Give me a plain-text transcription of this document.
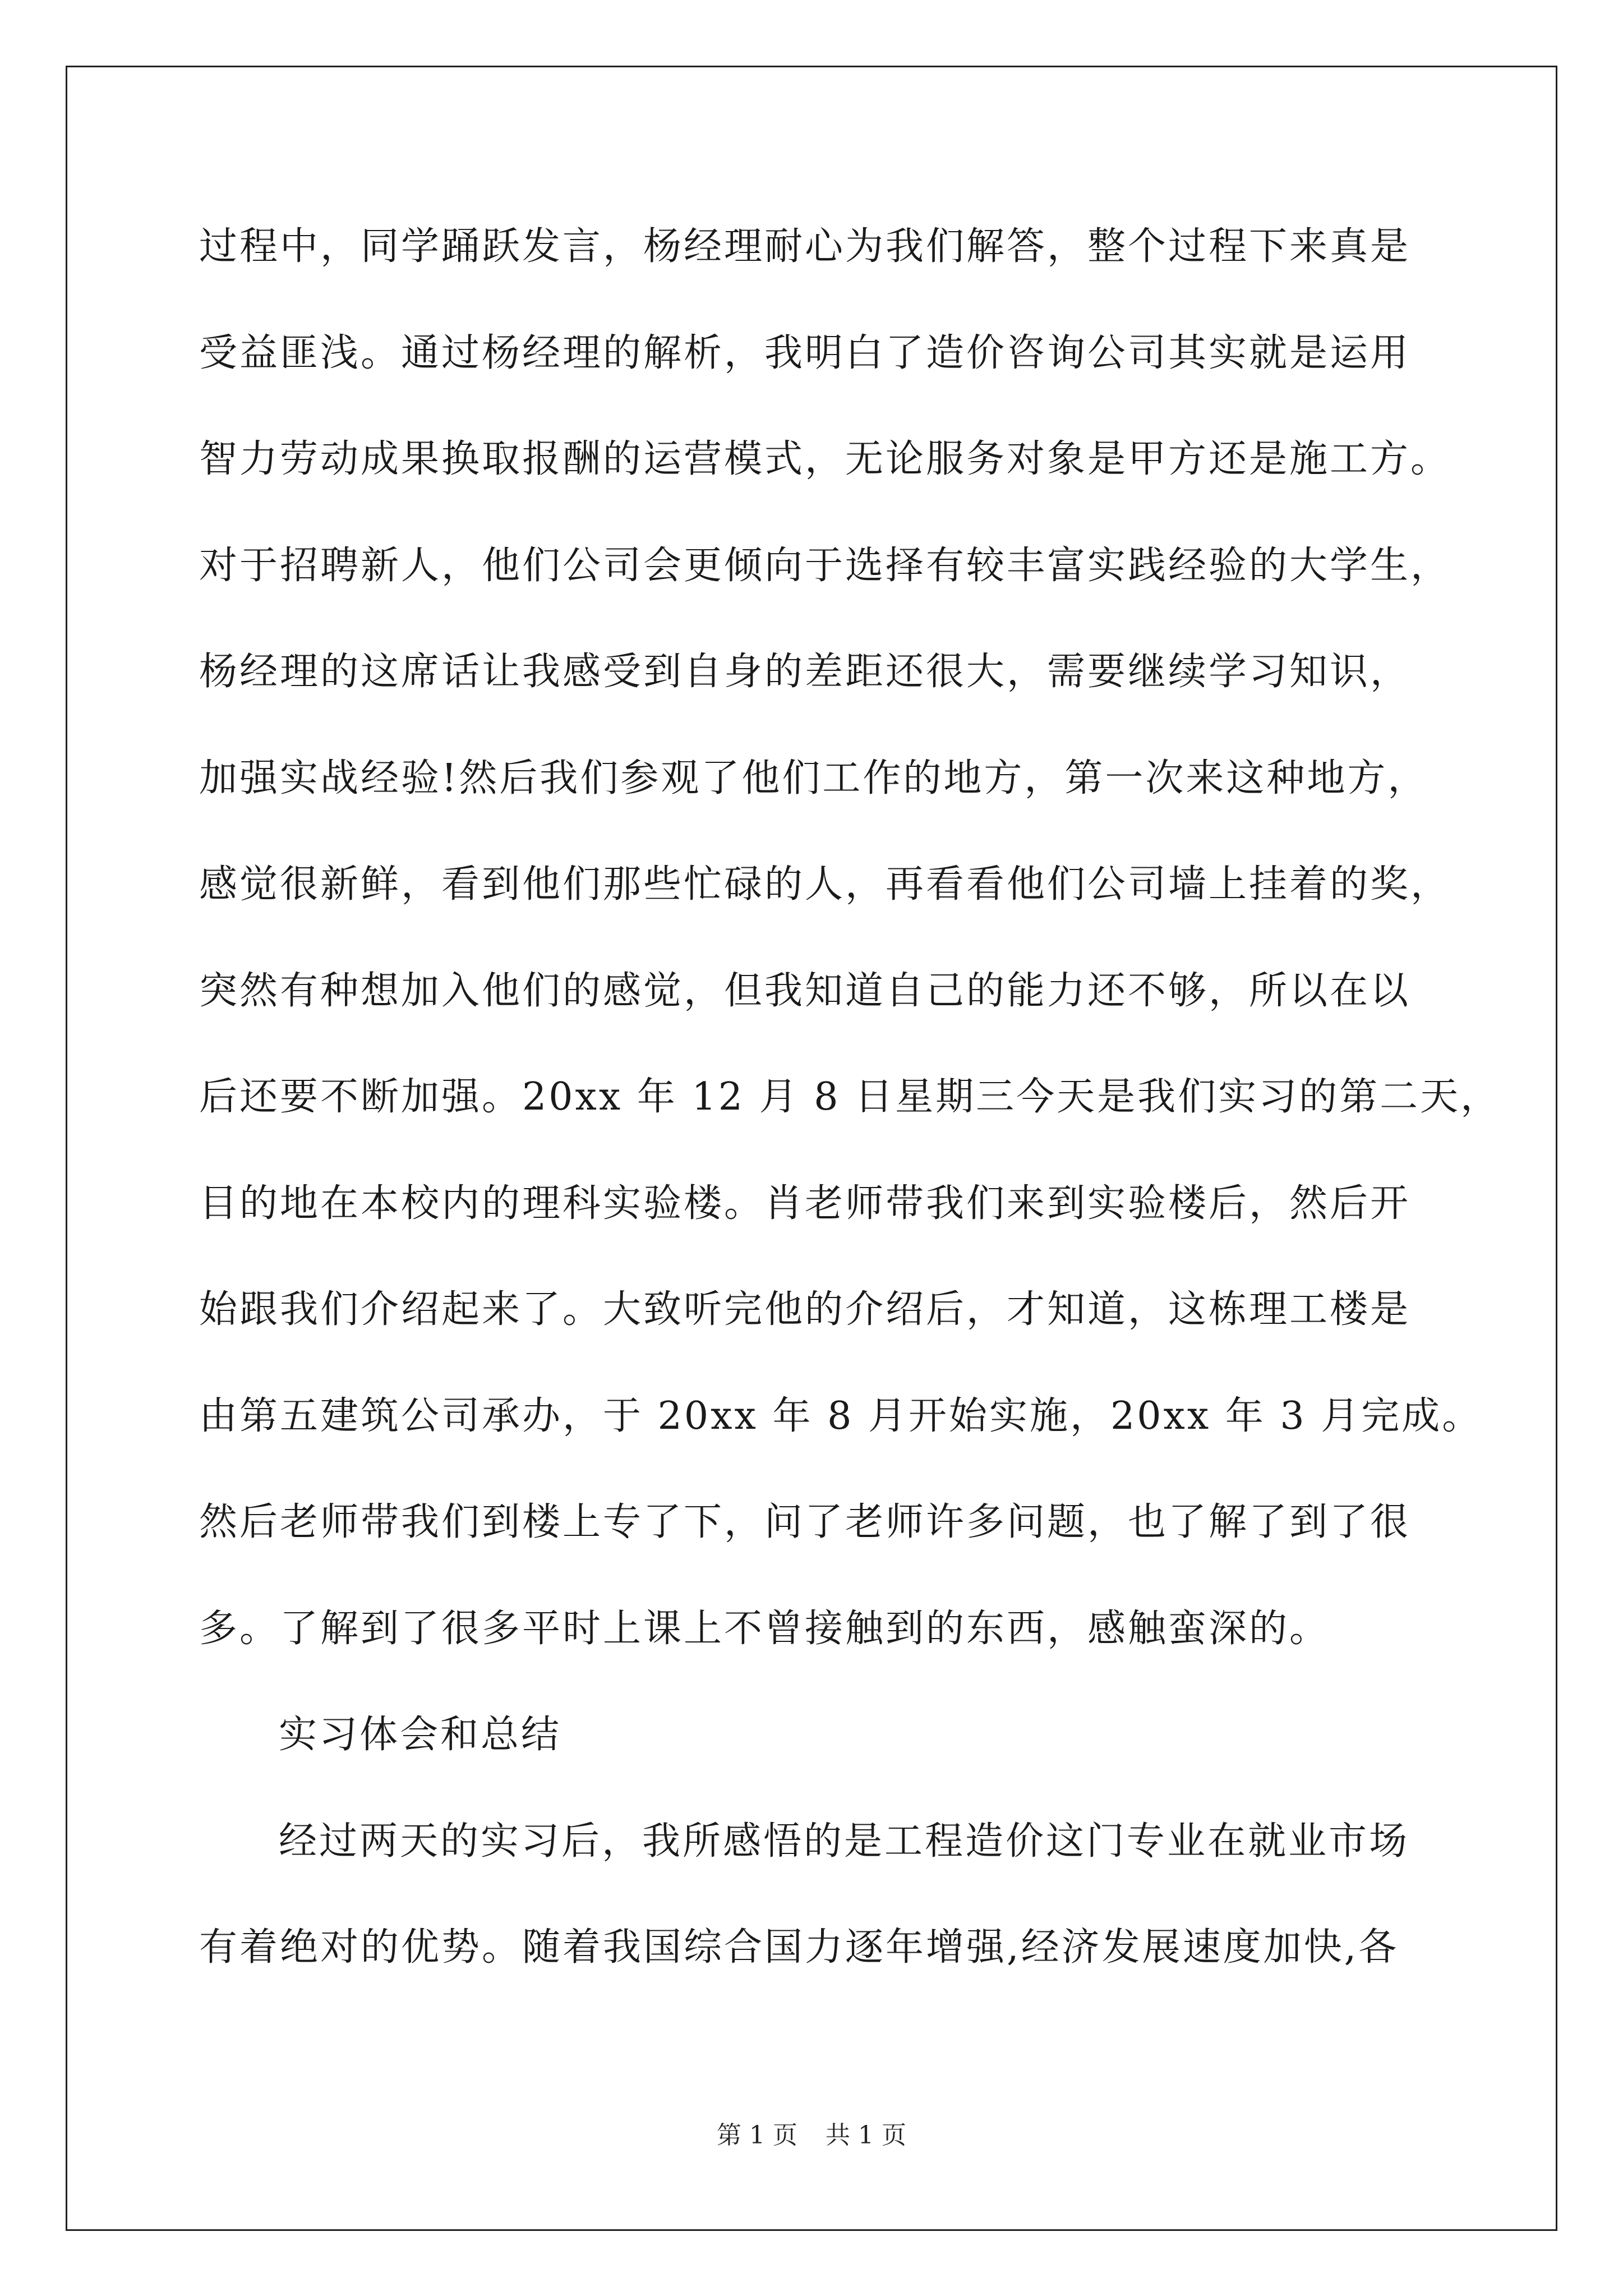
过程中，同学踊跃发言，杨经理耐心为我们解答，整个过程下来真是
受益匪浅。通过杨经理的解析，我明白了造价咨询公司其实就是运用
智力劳动成果换取报酬的运营模式，无论服务对象是甲方还是施工方。
对于招聘新人，他们公司会更倾向于选择有较丰富实践经验的大学生，
杨经理的这席话让我感受到自身的差距还很大，需要继续学习知识，
加强实战经验!然后我们参观了他们工作的地方，第一次来这种地方，
感觉很新鲜，看到他们那些忙碌的人，再看看他们公司墙上挂着的奖，
突然有种想加入他们的感觉，但我知道自己的能力还不够，所以在以
后还要不断加强。20xx 年 12 月 8 日星期三今天是我们实习的第二天，
目的地在本校内的理科实验楼。肖老师带我们来到实验楼后，然后开
始跟我们介绍起来了。大致听完他的介绍后，才知道，这栋理工楼是
由第五建筑公司承办，于 20xx 年 8 月开始实施，20xx 年 3 月完成。
然后老师带我们到楼上专了下，问了老师许多问题，也了解了到了很
多。了解到了很多平时上课上不曾接触到的东西，感触蛮深的。
实习体会和总结
经过两天的实习后，我所感悟的是工程造价这门专业在就业市场
有着绝对的优势。随着我国综合国力逐年增强,经济发展速度加快,各
第 1 页 共 1 页
